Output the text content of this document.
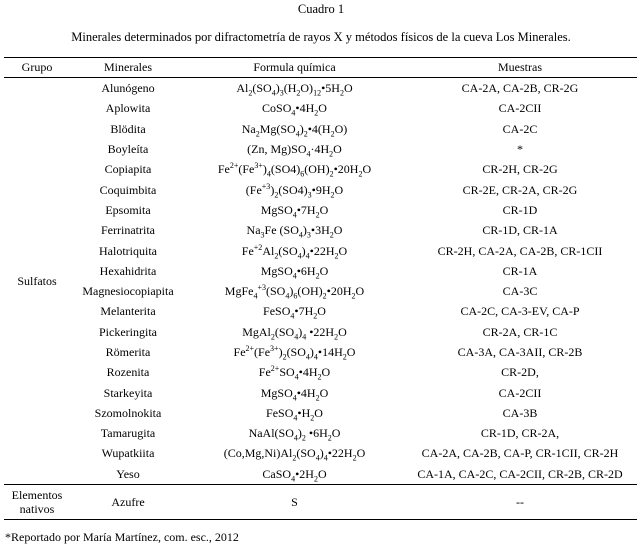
Cuadro 1
Minerales determinados por difractometría de rayos X y métodos físicos de la cueva Los Minerales.
Grupo	Minerales	Formula química	Muestras
Sulfatos	Alunógeno	$Al_2(SO_4)_3(H_2O)_{12}•5H_2O$	CA-2A, CA-2B, CR-2G
	Aplowita	$CoSO_4•4H_2O$	CA-2CII
	Blödita	$Na_2Mg(SO_4)_2•4(H_2O)$	CA-2C
	Boyleíta	(Zn, $Mg)SO_4\cdot 4H_2O$	*
	Copiapita	$Fe^{2+}(Fe^{3+})_4(SO4)_6(OH)_2•20H_2O$	CR-2H, CR-2G
	Coquimbita	$(Fe^{+3})_2(SO4)_3•9H_2O$	CR-2E, CR-2A, CR-2G
	Epsomita	$MgSO_4•7H_2O$	CR-1D
	Ferrinatrita	$Na_3Fe$ $(SO_4)_3•3H_2O$	CR-1D, CR-1A
	Halotriquita	$Fe^{+2}Al_2(SO_4)_4•22H_2O$	CR-2H, CA-2A, CA-2B, CR-1CII
	Hexahidrita	$MgSO_4•6H_2O$	CR-1A
	Magnesiocopiapita	$MgFe_4^{+3}(SO_4)_6(OH)_2•20H_2O$	CA-3C
	Melanterita	$FeSO_4•7H_2O$	CA-2C, CA-3-EV, CA-P
	Pickeringita	$MgAl_2(SO_4)_4$ $•22H_2O$	CR-2A, CR-1C
	Römerita	$Fe^{2+}(Fe^{3+})_2(SO_4)_4•14H_2O$	CA-3A, CA-3AII, CR-2B
	Rozenita	$Fe^{2+}SO_4•4H_2O$	CR-2D,
	Starkeyita	$MgSO_4•4H_2O$	CA-2CII
	Szomolnokita	$FeSO_4•H_2O$	CA-3B
	Tamarugita	$NaAl(SO_4)_2$ $•6H_2O$	CR-1D, CR-2A,
	Wupatkiita	$(Co,Mg,Ni)Al_2(SO_4)_4•22H_2O$	CA-2A, CA-2B, CA-P, CR-1CII, CR-2H
	Yeso	$CaSO_4•2H_2O$	CA-1A, CA-2C, CA-2CII, CR-2B, CR-2D
Elementos nativos	Azufre	S	--
*Reportado por María Martínez, com. esc., 2012
